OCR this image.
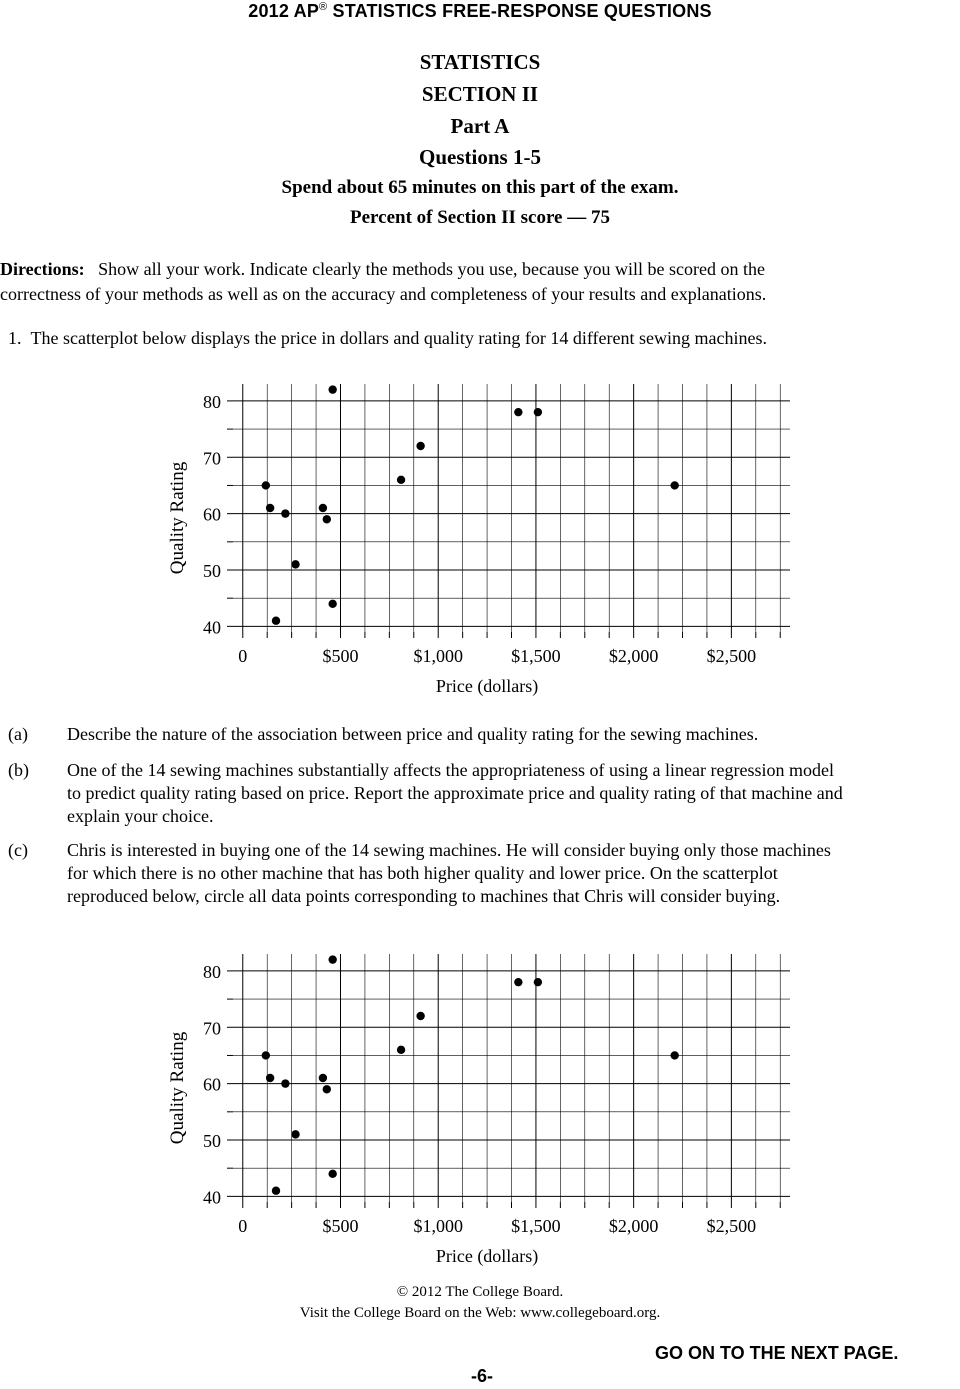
2012 AP® STATISTICS FREE-RESPONSE QUESTIONS
STATISTICS
SECTION II
Part A
Questions 1-5
Spend about 65 minutes on this part of the exam.
Percent of Section II score — 75
Directions: Show all your work. Indicate clearly the methods you use, because you will be scored on the
correctness of your methods as well as on the accuracy and completeness of your results and explanations.
1. The scatterplot below displays the price in dollars and quality rating for 14 different sewing machines.
40
50
60
70
80
0	$500	$1,000	$1,500	$2,000	$2,500
Price (dollars)
Quality Rating
(a) Describe the nature of the association between price and quality rating for the sewing machines.
(b) One of the 14 sewing machines substantially affects the appropriateness of using a linear regression model
to predict quality rating based on price. Report the approximate price and quality rating of that machine and
explain your choice.
(c) Chris is interested in buying one of the 14 sewing machines. He will consider buying only those machines
for which there is no other machine that has both higher quality and lower price. On the scatterplot
reproduced below, circle all data points corresponding to machines that Chris will consider buying.
40
50
60
70
80
0	$500	$1,000	$1,500	$2,000	$2,500
Price (dollars)
Quality Rating
© 2012 The College Board.
Visit the College Board on the Web: www.collegeboard.org.
-6-
GO ON TO THE NEXT PAGE.
